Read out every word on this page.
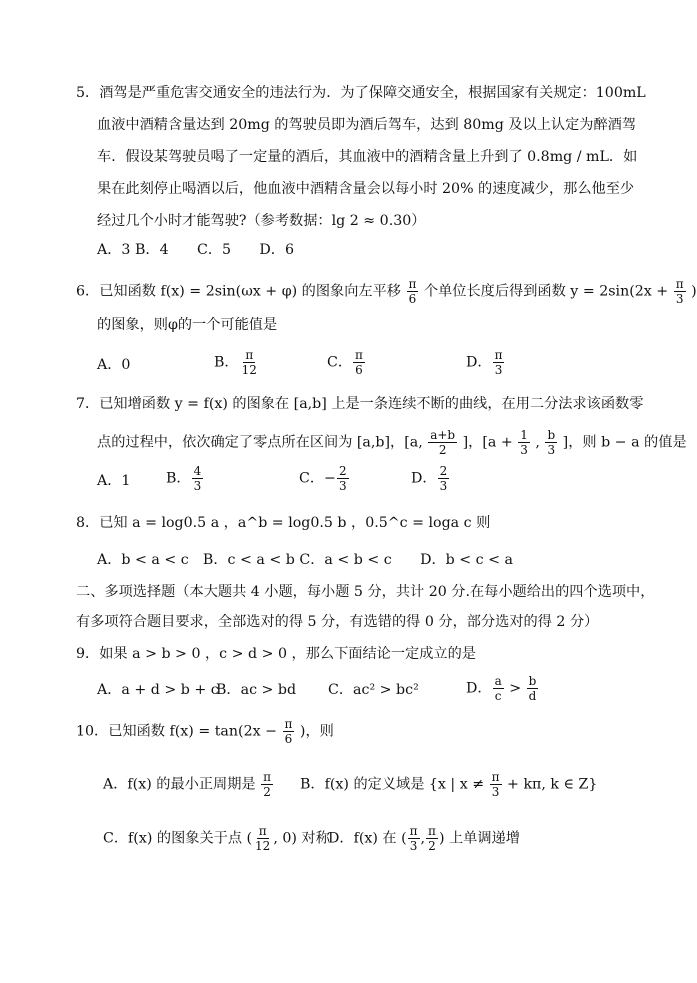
5．酒驾是严重危害交通安全的违法行为．为了保障交通安全，根据国家有关规定：100mL
血液中酒精含量达到 20mg 的驾驶员即为酒后驾车，达到 80mg 及以上认定为醉酒驾
车．假设某驾驶员喝了一定量的酒后，其血液中的酒精含量上升到了 0.8mg / mL．如
果在此刻停止喝酒以后，他血液中酒精含量会以每小时 20% 的速度减少，那么他至少
经过几个小时才能驾驶?（参考数据：lg 2 ≈ 0.30）
A．3 B．4　　C．5　　D．6
6．已知函数 f(x) = 2sin(ωx + φ) 的图象向左平移 $\frac{\pi}{6}$ 个单位长度后得到函数 $y = 2\sin(2x + \frac{\pi}{3}$ )
的图象，则φ的一个可能值是
A．0	B． $\frac{\pi}{12}$	C． $\frac{\pi}{6}$	D． $\frac{\pi}{3}$
7．已知增函数 y = f(x) 的图象在 [a,b] 上是一条连续不断的曲线，在用二分法求该函数零
点的过程中，依次确定了零点所在区间为 [a,b]，[a, $\frac{a+b}{2}$ ]，[$a + \frac{1}{3}$ , $\frac{b}{3}$ ]，则 b − a 的值是
A．1	B． $\frac{4}{3}$	C．− $\frac{2}{3}$	D． $\frac{2}{3}$
8．已知 a = log0.5 a ，a^b = log0.5 b ，0.5^c = loga c 则
A．b < a < c　B．c < a < b C．a < b < c　　D．b < c < a
二、多项选择题（本大题共 4 小题，每小题 5 分，共计 20 分.在每小题给出的四个选项中，
有多项符合题目要求，全部选对的得 5 分，有选错的得 0 分，部分选对的得 2 分）
9．如果 a > b > 0 ，c > d > 0 ，那么下面结论一定成立的是
A．a + d > b + c
B．ac > bd C．ac² > bc²	D． $\frac{a}{c} > \frac{b}{d}$
10．已知函数 $f(x) = \tan(2x - \frac{\pi}{6}$ )，则
A．f(x) 的最小正周期是 $\frac{\pi}{2}$ B．f(x) 的定义域是 {x | $x \ne \frac{\pi}{3} + k\pi$, k ∈ Z}
C．f(x) 的图象关于点 ( $\frac{\pi}{12}$ , 0) 对称
D．f(x) 在 ( $\frac{\pi}{3}$ , $\frac{\pi}{2}$ ) 上单调递增
